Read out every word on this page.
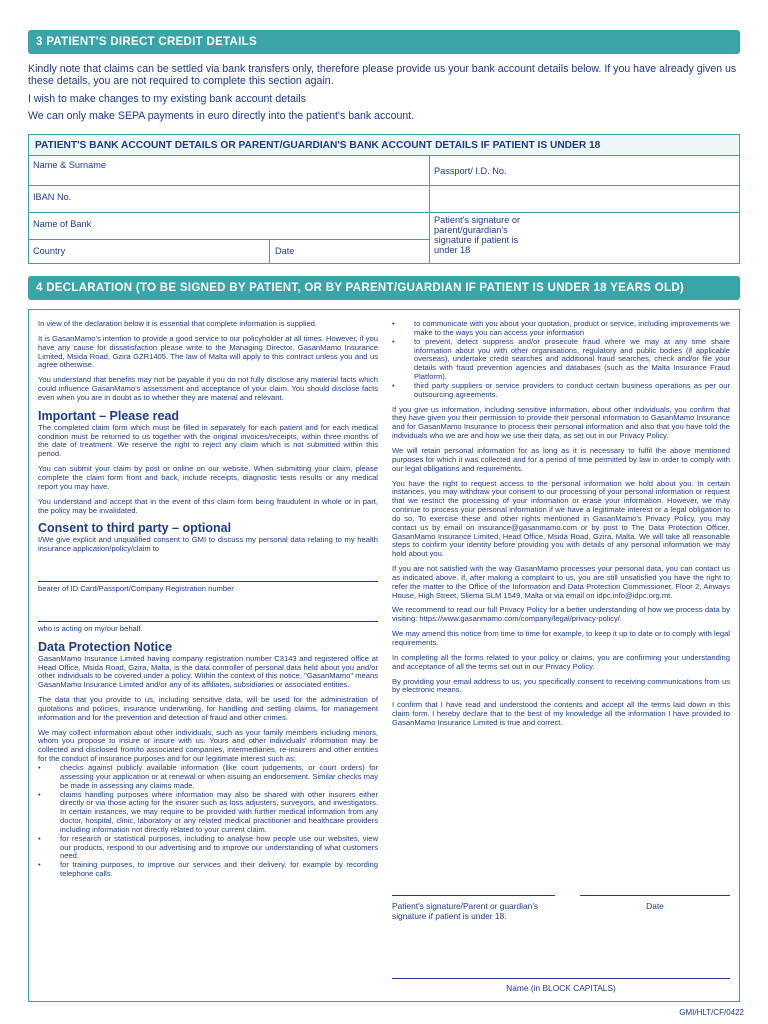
3 PATIENT'S DIRECT CREDIT DETAILS
Kindly note that claims can be settled via bank transfers only, therefore please provide us your bank account details below. If you have already given us these details, you are not required to complete this section again.
I wish to make changes to my existing bank account details
We can only make SEPA payments in euro directly into the patient's bank account.
PATIENT'S BANK ACCOUNT DETAILS OR PARENT/GUARDIAN'S BANK ACCOUNT DETAILS IF PATIENT IS UNDER 18
Name & Surname
Passport/ I.D. No.
IBAN No.
Name of Bank
Country	Date
Patient's signature or parent/gurardian's signature if patient is under 18
4 DECLARATION (TO BE SIGNED BY PATIENT, OR BY PARENT/GUARDIAN IF PATIENT IS UNDER 18 YEARS OLD)

In view of the declaration below it is essential that complete information is supplied.

It is GasanMamo's intention to provide a good service to our policyholder at all times. However, if you have any cause for dissatisfaction please write to the Managing Director, GasanMamo Insurance Limited, Msida Road, Gzira GZR1405. The law of Malta will apply to this contract unless you and us agree otherwise.

You understand that benefits may not be payable if you do not fully disclose any material facts which could influence GasanMamo's assessment and acceptance of your claim. You should disclose facts even when you are in doubt as to whether they are material and relevant.

Important – Please read

The completed claim form which must be filled in separately for each patient and for each medical condition must be returned to us together with the original invoices/receipts, within three months of the date of treatment. We reserve the right to reject any claim which is not submitted within this period.

You can submit your claim by post or online on our website. When submitting your claim, please complete the claim form front and back, include receipts, diagnostic tests results or any medical report you may have.

You understand and accept that in the event of this claim form being fraudulent in whole or in part, the policy may be invalidated.

Consent to third party – optional

I/We give explicit and unqualified consent to GMI to discuss my personal data relating to my health insurance application/policy/claim to

bearer of ID Card/Passport/Company Registration number

who is acting on my/our behalf.

Data Protection Notice

GasanMamo Insurance Limited having company registration number C3143 and registered office at Head Office, Msida Road, Gzira, Malta, is the data controller of personal data held about you and/or other individuals to be covered under a policy. Within the context of this notice, "GasanMamo" means GasanMamo Insurance Limited and/or any of its affiliates, subsidiaries or associated entities.

The data that you provide to us, including sensitive data, will be used for the administration of quotations and policies, insurance underwriting, for handling and settling claims, for management information and for the prevention and detection of fraud and other crimes.

We may collect information about other individuals, such as your family members including minors, whom you propose to insure or insure with us. Yours and other individuals' information may be collected and disclosed from/to associated companies, intermediaries, re-insurers and other entities for the conduct of insurance purposes and for our legitimate interest such as:

• checks against publicly available information (like court judgements, or court orders) for assessing your application or at renewal or when issuing an endorsement. Similar checks may be made in assessing any claims made.
• claims handling purposes where information may also be shared with other insurers either directly or via those acting for the insurer such as loss adjusters, surveyors, and investigators. In certain instances, we may require to be provided with further medical information from any doctor, hospital, clinic, laboratory or any related medical practitioner and healthcare providers including information not directly related to your current claim.
• for research or statistical purposes, including to analyse how people use our websites, view our products, respond to our advertising and to improve our understanding of what customers need.
• for training purposes, to improve our services and their delivery, for example by recording telephone calls.
• to communicate with you about your quotation, product or service, including improvements we make to the ways you can access your information
• to prevent, detect suppress and/or prosecute fraud where we may at any time share information about you with other organisations, regulatory and public bodies (if applicable overseas), undertake credit searches and additional fraud searches, check and/or file your details with fraud prevention agencies and databases (such as the Malta Insurance Fraud Platform).
• third party suppliers or service providers to conduct certain business operations as per our outsourcing agreements.

If you give us information, including sensitive information, about other individuals, you confirm that they have given you their permission to provide their personal information to GasanMamo Insurance and for GasanMamo Insurance to process their personal information and also that you have told the individuals who we are and how we use their data, as set out in our Privacy Policy.

We will retain personal information for as long as it is necessary to fulfil the above mentioned purposes for which it was collected and for a period of time permitted by law in order to comply with our legal obligations and requirements.

You have the right to request access to the personal information we hold about you. In certain instances, you may withdraw your consent to our processing of your personal information or request that we restrict the processing of your information or erase your information. However, we may continue to process your personal information if we have a legitimate interest or a legal obligation to do so. To exercise these and other rights mentioned in GasanMamo's Privacy Policy, you may contact us by email on insurance@gasanmamo.com or by post to The Data Protection Officer, GasanMamo Insurance Limited, Head Office, Msida Road, Gzira, Malta. We will take all reasonable steps to confirm your identity before providing you with details of any personal information we may hold about you.

If you are not satisfied with the way GasanMamo processes your personal data, you can contact us as indicated above. If, after making a complaint to us, you are still unsatisfied you have the right to refer the matter to the Office of the Information and Data Protection Commissioner, Floor 2, Airways House, High Street, Sliema SLM 1549, Malta or via email on idpc.info@idpc.org.mt.

We recommend to read our full Privacy Policy for a better understanding of how we process data by visiting: https://www.gasanmamo.com/company/legal/privacy-policy/.

We may amend this notice from time to time for example, to keep it up to date or to comply with legal requirements.

In completing all the forms related to your policy or claims, you are confirming your understanding and acceptance of all the terms set out in our Privacy Policy.

By providing your email address to us, you specifically consent to receiving communications from us by electronic means.

I confirm that I have read and understood the contents and accept all the terms laid down in this claim form. I hereby declare that to the best of my knowledge all the information I have provided to GasanMamo Insurance Limited is true and correct.

Patient's signature/Parent or guardian's signature if patient is under 18.
Date
Name (in BLOCK CAPITALS)
GMI/HLT/CF/0422
